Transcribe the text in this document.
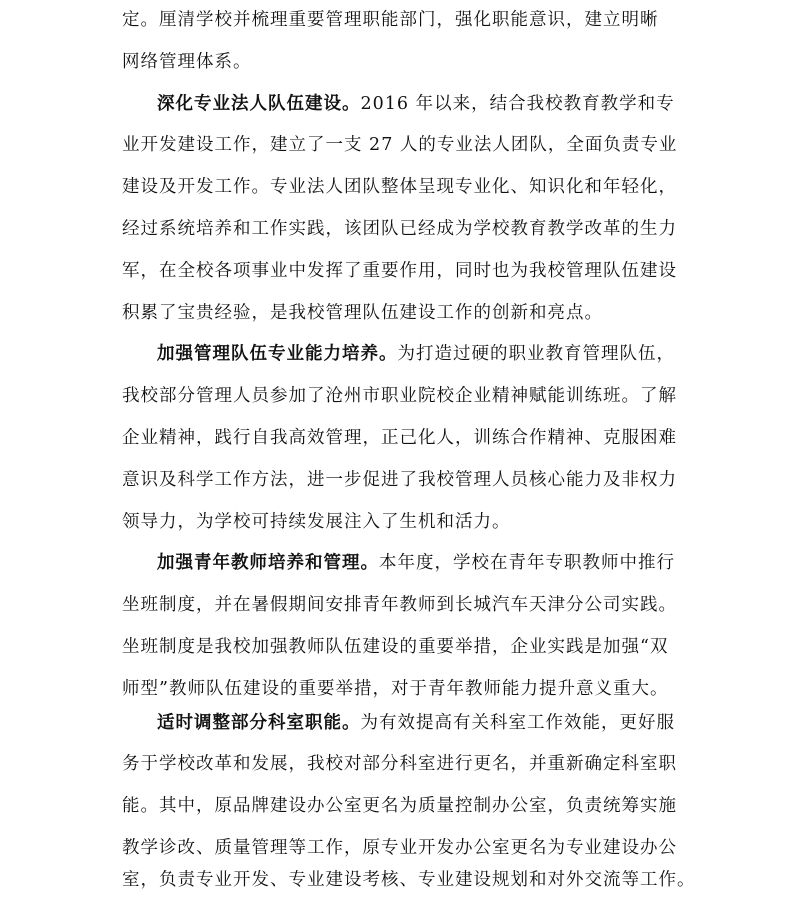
定。厘清学校并梳理重要管理职能部门，强化职能意识，建立明晰
网络管理体系。
深化专业法人队伍建设。2016 年以来，结合我校教育教学和专
业开发建设工作，建立了一支 27 人的专业法人团队，全面负责专业
建设及开发工作。专业法人团队整体呈现专业化、知识化和年轻化，
经过系统培养和工作实践，该团队已经成为学校教育教学改革的生力
军，在全校各项事业中发挥了重要作用，同时也为我校管理队伍建设
积累了宝贵经验，是我校管理队伍建设工作的创新和亮点。
加强管理队伍专业能力培养。为打造过硬的职业教育管理队伍，
我校部分管理人员参加了沧州市职业院校企业精神赋能训练班。了解
企业精神，践行自我高效管理，正己化人，训练合作精神、克服困难
意识及科学工作方法，进一步促进了我校管理人员核心能力及非权力
领导力，为学校可持续发展注入了生机和活力。
加强青年教师培养和管理。本年度，学校在青年专职教师中推行
坐班制度，并在暑假期间安排青年教师到长城汽车天津分公司实践。
坐班制度是我校加强教师队伍建设的重要举措，企业实践是加强“双
师型”教师队伍建设的重要举措，对于青年教师能力提升意义重大。
适时调整部分科室职能。为有效提高有关科室工作效能，更好服
务于学校改革和发展，我校对部分科室进行更名，并重新确定科室职
能。其中，原品牌建设办公室更名为质量控制办公室，负责统筹实施
教学诊改、质量管理等工作，原专业开发办公室更名为专业建设办公
室，负责专业开发、专业建设考核、专业建设规划和对外交流等工作。
